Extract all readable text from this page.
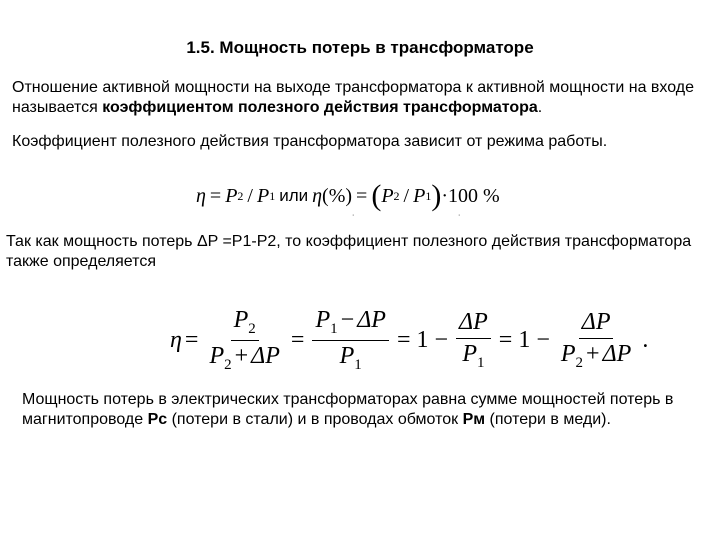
1.5. Мощность потерь в трансформаторе
Отношение активной мощности на выходе трансформатора к активной мощности на входе называется коэффициентом полезного действия трансформатора.
Коэффициент полезного действия трансформатора зависит от режима работы.
η = P 2 / P 1 или η (%) = ( P 2 / P 1 ) ·100 %
˙	˙
Так как мощность потерь ΔP =P1-P2, то коэффициент полезного действия трансформатора также определяется
$\eta = \frac{P_2}{P_2 + \Delta P} = \frac{P_1 - \Delta P}{P_1} = 1 - \frac{\Delta P}{P_1} = 1 - \frac{\Delta P}{P_2 + \Delta P}$ .
Мощность потерь в электрических трансформаторах равна сумме мощностей потерь в магнитопроводе Рс (потери в стали) и в проводах обмоток Рм (потери в меди).
